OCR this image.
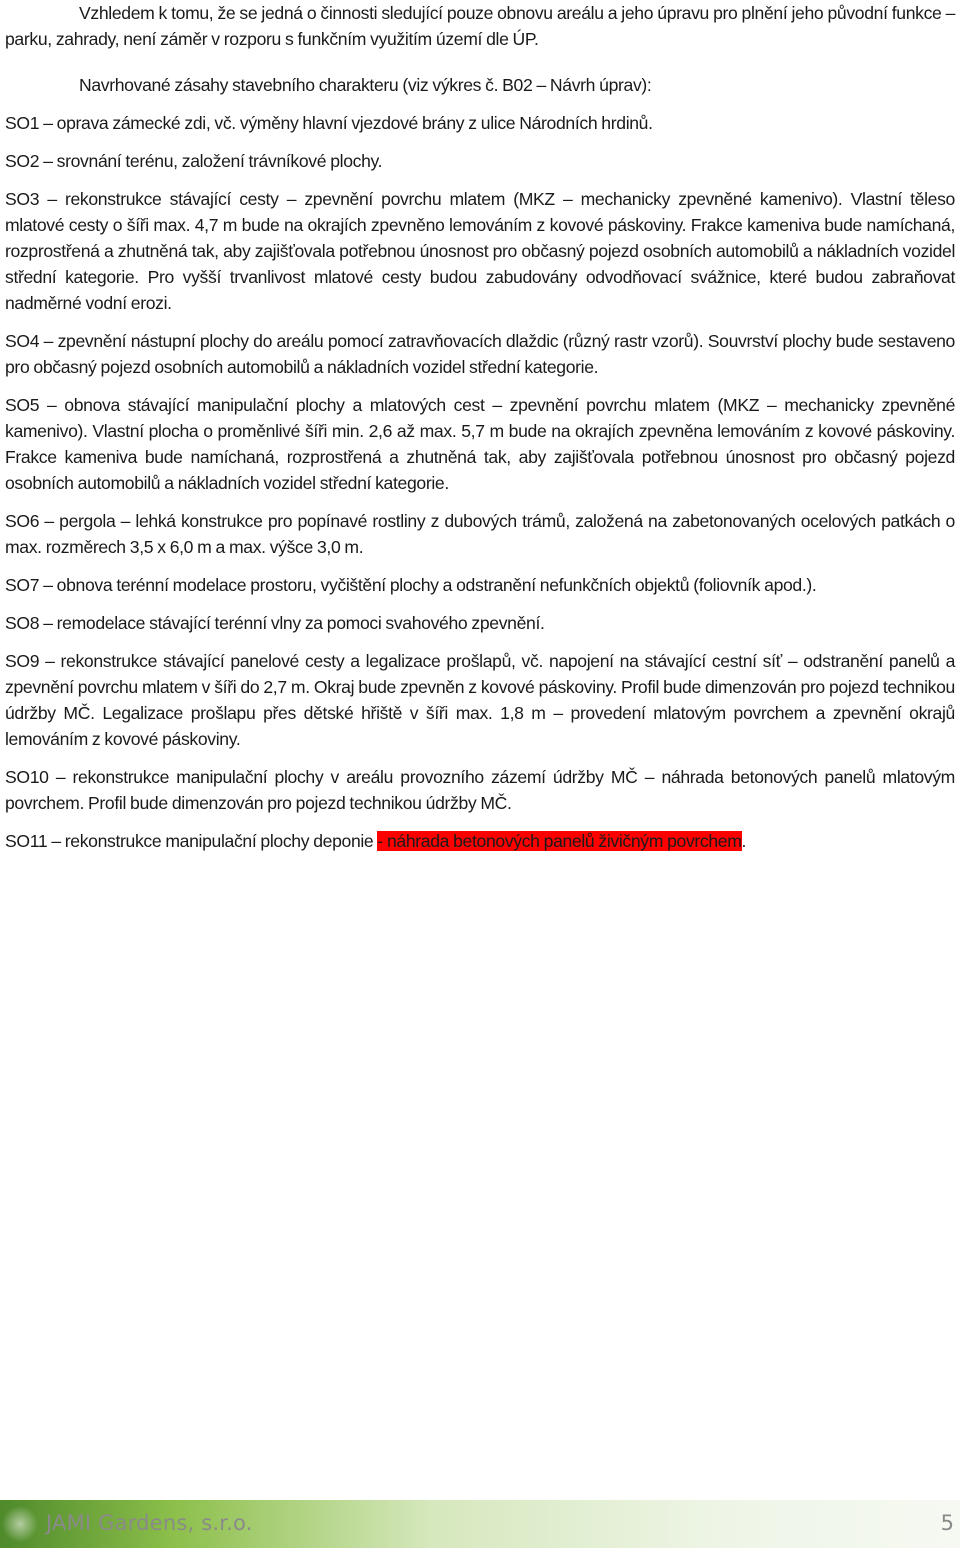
Vzhledem k tomu, že se jedná o činnosti sledující pouze obnovu areálu a jeho úpravu pro plnění jeho původní funkce – parku, zahrady, není záměr v rozporu s funkčním využitím území dle ÚP.

Navrhované zásahy stavebního charakteru (viz výkres č. B02 – Návrh úprav):

SO1 – oprava zámecké zdi, vč. výměny hlavní vjezdové brány z ulice Národních hrdinů.

SO2 – srovnání terénu, založení trávníkové plochy.

SO3 – rekonstrukce stávající cesty – zpevnění povrchu mlatem (MKZ – mechanicky zpevněné kamenivo). Vlastní těleso mlatové cesty o šíři max. 4,7 m bude na okrajích zpevněno lemováním z kovové páskoviny. Frakce kameniva bude namíchaná, rozprostřená a zhutněná tak, aby zajišťovala potřebnou únosnost pro občasný pojezd osobních automobilů a nákladních vozidel střední kategorie. Pro vyšší trvanlivost mlatové cesty budou zabudovány odvodňovací svážnice, které budou zabraňovat nadměrné vodní erozi.

SO4 – zpevnění nástupní plochy do areálu pomocí zatravňovacích dlaždic (různý rastr vzorů). Souvrství plochy bude sestaveno pro občasný pojezd osobních automobilů a nákladních vozidel střední kategorie.

SO5 – obnova stávající manipulační plochy a mlatových cest – zpevnění povrchu mlatem (MKZ – mechanicky zpevněné kamenivo). Vlastní plocha o proměnlivé šíři min. 2,6 až max. 5,7 m bude na okrajích zpevněna lemováním z kovové páskoviny. Frakce kameniva bude namíchaná, rozprostřená a zhutněná tak, aby zajišťovala potřebnou únosnost pro občasný pojezd osobních automobilů a nákladních vozidel střední kategorie.

SO6 – pergola – lehká konstrukce pro popínavé rostliny z dubových trámů, založená na zabetonovaných ocelových patkách o max. rozměrech 3,5 x 6,0 m a max. výšce 3,0 m.

SO7 – obnova terénní modelace prostoru, vyčištění plochy a odstranění nefunkčních objektů (foliovník apod.).

SO8 – remodelace stávající terénní vlny za pomoci svahového zpevnění.

SO9 – rekonstrukce stávající panelové cesty a legalizace prošlapů, vč. napojení na stávající cestní síť – odstranění panelů a zpevnění povrchu mlatem v šíři do 2,7 m. Okraj bude zpevněn z kovové páskoviny. Profil bude dimenzován pro pojezd technikou údržby MČ. Legalizace prošlapu přes dětské hřiště v šíři max. 1,8 m – provedení mlatovým povrchem a zpevnění okrajů lemováním z kovové páskoviny.

SO10 – rekonstrukce manipulační plochy v areálu provozního zázemí údržby MČ – náhrada betonových panelů mlatovým povrchem. Profil bude dimenzován pro pojezd technikou údržby MČ.

SO11 – rekonstrukce manipulační plochy deponie - náhrada betonových panelů živičným povrchem.

JAMI Gardens, s.r.o.	5
